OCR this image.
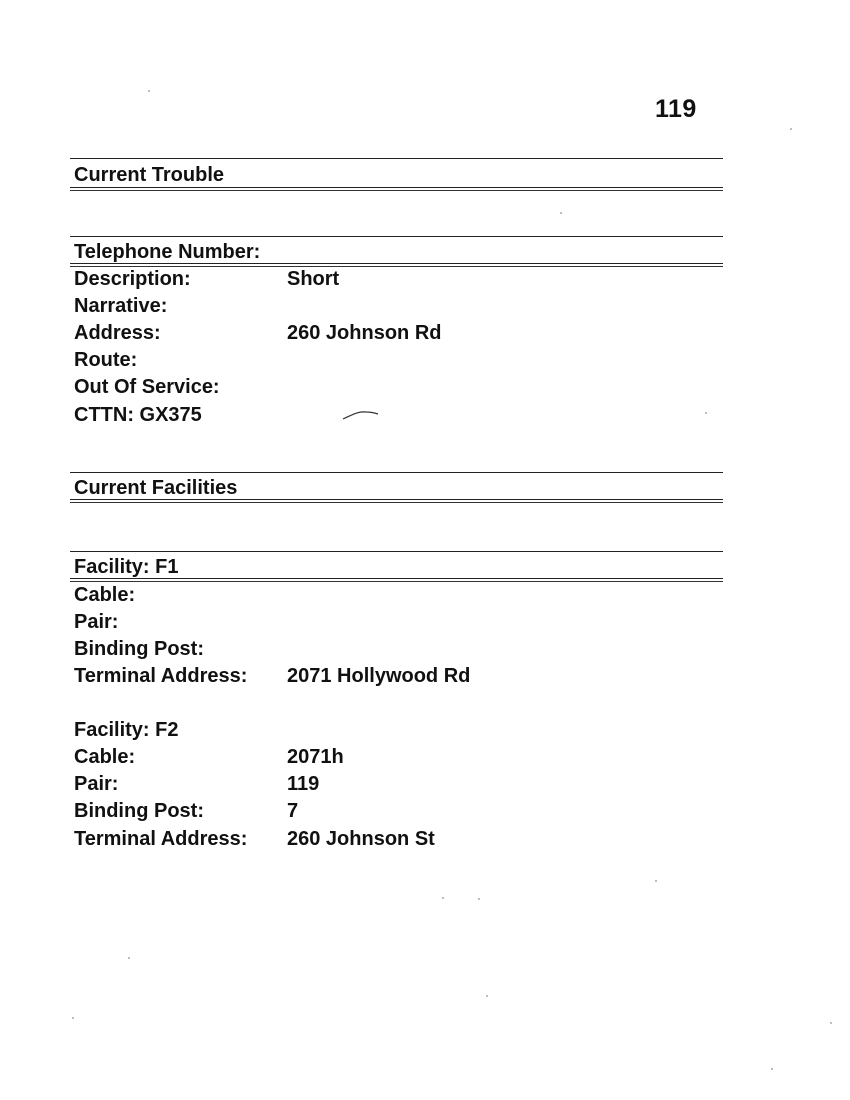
119
Current Trouble
Telephone Number:
Description:	Short
Narrative:
Address:	260 Johnson Rd
Route:
Out Of Service:
CTTN: GX375
Current Facilities
Facility: F1
Cable:
Pair:
Binding Post:
Terminal Address: 2071 Hollywood Rd
Facility: F2
Cable:	2071h
Pair:	119
Binding Post:	7
Terminal Address: 260 Johnson St
